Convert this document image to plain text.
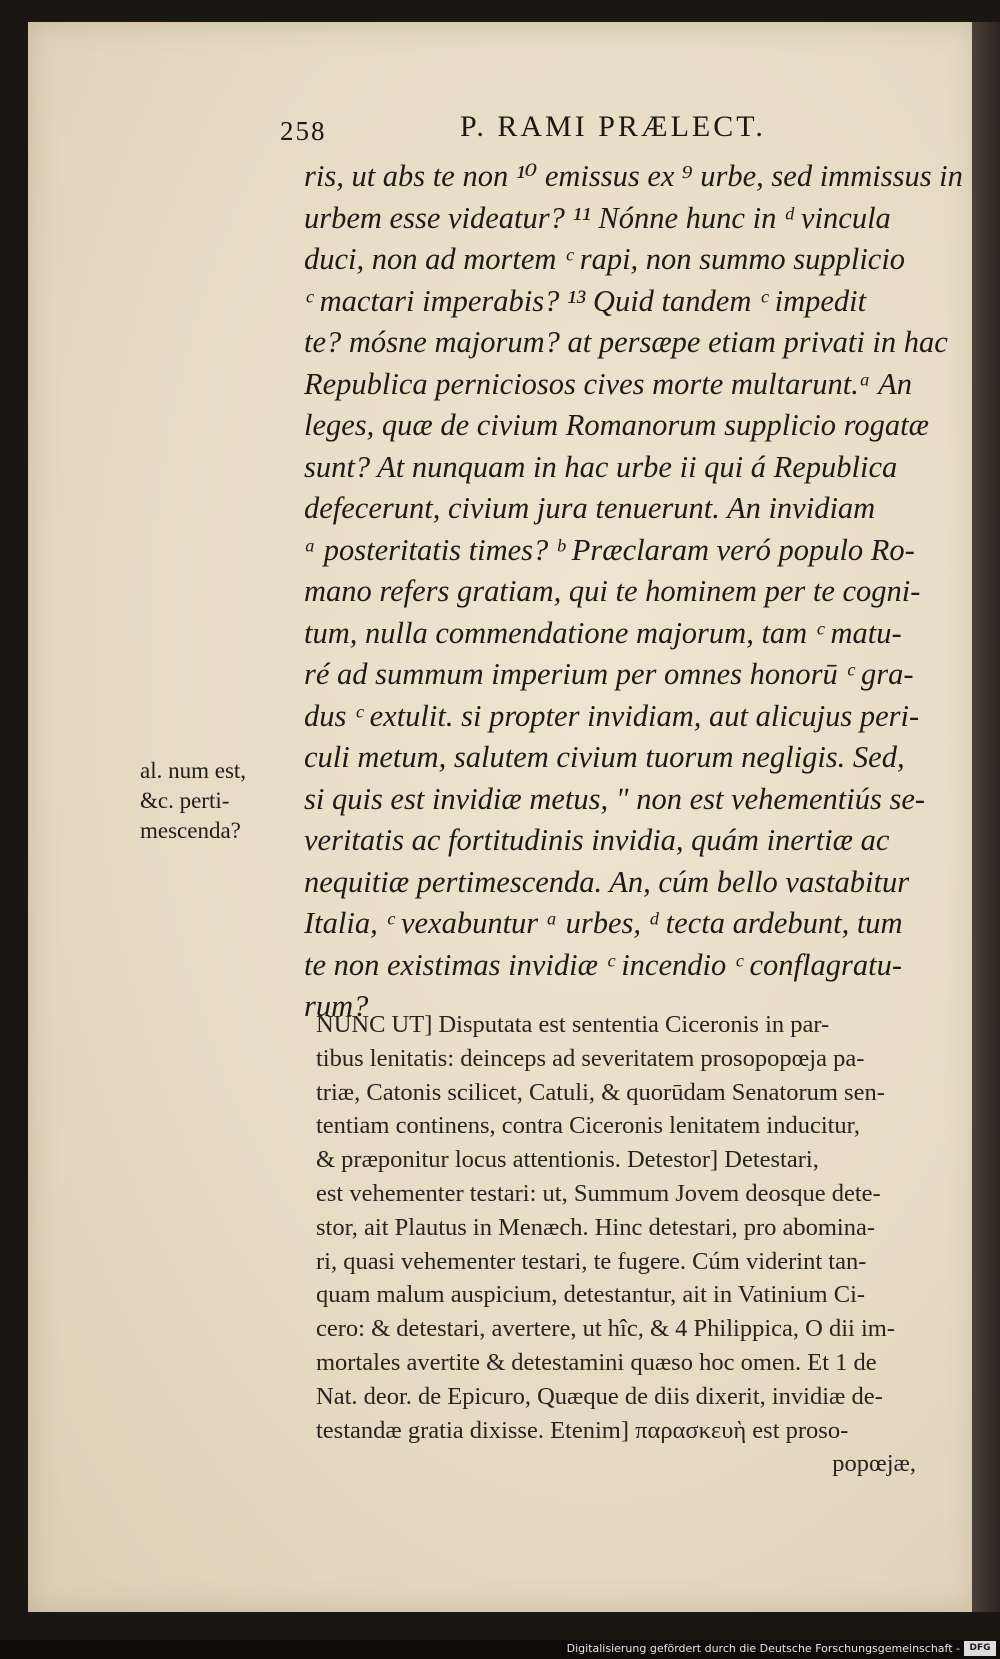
258	P. RAMI PRÆLECT.
ris, ut abs te non ¹⁰ emissus ex ⁹ urbe, sed immissus in
urbem esse videatur? ¹¹ Nónne hunc in ᵈ vincula
duci, non ad mortem ᶜ rapi, non summo supplicio
ᶜ mactari imperabis? ¹³ Quid tandem ᶜ impedit
te? mósne majorum? at persæpe etiam privati in hac
Republica perniciosos cives morte multarunt.ᵃ An
leges, quæ de civium Romanorum supplicio rogatæ
sunt? At nunquam in hac urbe ii qui á Republica
defecerunt, civium jura tenuerunt. An invidiam
ᵃ posteritatis times? ᵇ Præclaram veró populo Ro-
mano refers gratiam, qui te hominem per te cogni-
tum, nulla commendatione majorum, tam ᶜ matu-
ré ad summum imperium per omnes honorū ᶜ gra-
dus ᶜ extulit. si propter invidiam, aut alicujus peri-
culi metum, salutem civium tuorum negligis. Sed,
si quis est invidiæ metus, ʺ non est vehementiús se-
veritatis ac fortitudinis invidia, quám inertiæ ac
nequitiæ pertimescenda. An, cúm bello vastabitur
Italia, ᶜ vexabuntur ᵃ urbes, ᵈ tecta ardebunt, tum
te non existimas invidiæ ᶜ incendio ᶜ conflagratu-
rum?
al. num est,
&c. perti-
mescenda?
NUNC UT] Disputata est sententia Ciceronis in par-
tibus lenitatis: deinceps ad severitatem prosopopœja pa-
triæ, Catonis scilicet, Catuli, & quorūdam Senatorum sen-
tentiam continens, contra Ciceronis lenitatem inducitur,
& præponitur locus attentionis. Detestor] Detestari,
est vehementer testari: ut, Summum Jovem deosque dete-
stor, ait Plautus in Menæch. Hinc detestari, pro abomina-
ri, quasi vehementer testari, te fugere. Cúm viderint tan-
quam malum auspicium, detestantur, ait in Vatinium Ci-
cero: & detestari, avertere, ut hîc, & 4 Philippica, O dii im-
mortales avertite & detestamini quæso hoc omen. Et 1 de
Nat. deor. de Epicuro, Quæque de diis dixerit, invidiæ de-
testandæ gratia dixisse. Etenim] παρασκευὴ est proso-
popœjæ,
Digitalisierung gefördert durch die Deutsche Forschungsgemeinschaft -	DFG
